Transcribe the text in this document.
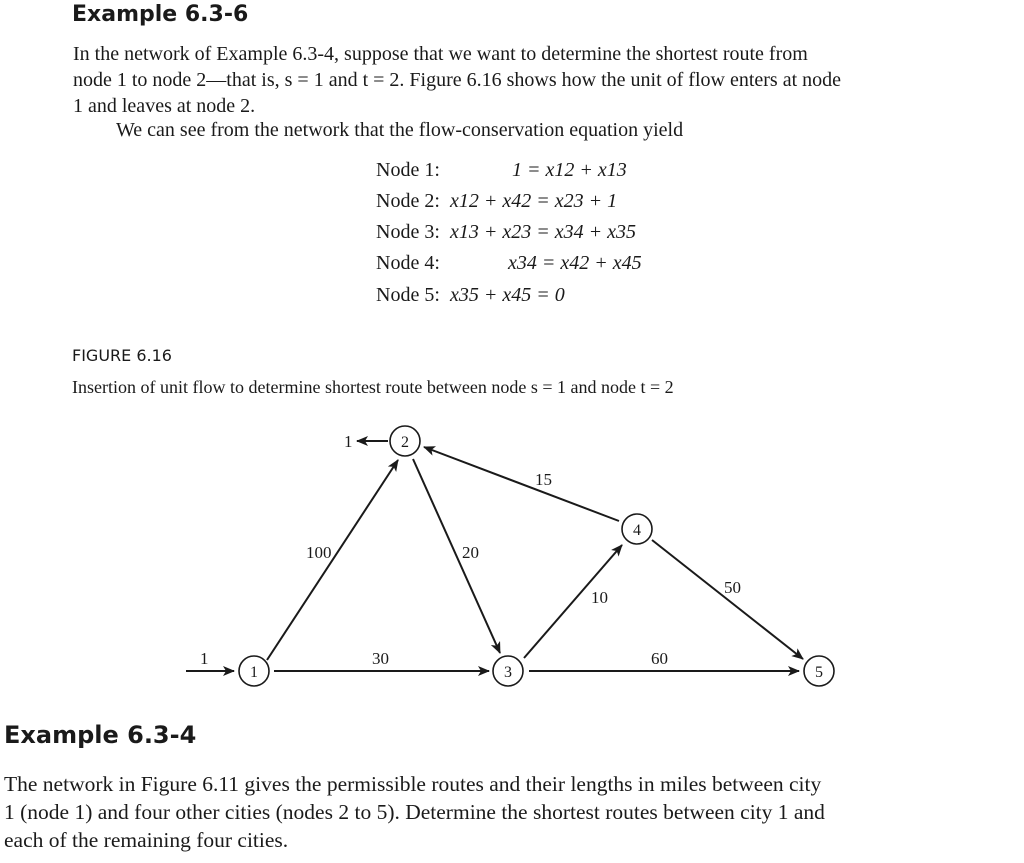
Example 6.3-6
In the network of Example 6.3-4, suppose that we want to determine the shortest route from
node 1 to node 2—that is, s = 1 and t = 2. Figure 6.16 shows how the unit of flow enters at node
1 and leaves at node 2.
We can see from the network that the flow-conservation equation yield
Node 1:	1 = x12 + x13
Node 2: x12 + x42 = x23 + 1
Node 3: x13 + x23 = x34 + x35
Node 4:	x34 = x42 + x45
Node 5: x35 + x45 = 0
FIGURE 6.16
Insertion of unit flow to determine shortest route between node s = 1 and node t = 2
1
1
100
30
20
15
10
60
50
1
2
3
4
5
Example 6.3-4
The network in Figure 6.11 gives the permissible routes and their lengths in miles between city
1 (node 1) and four other cities (nodes 2 to 5). Determine the shortest routes between city 1 and
each of the remaining four cities.
